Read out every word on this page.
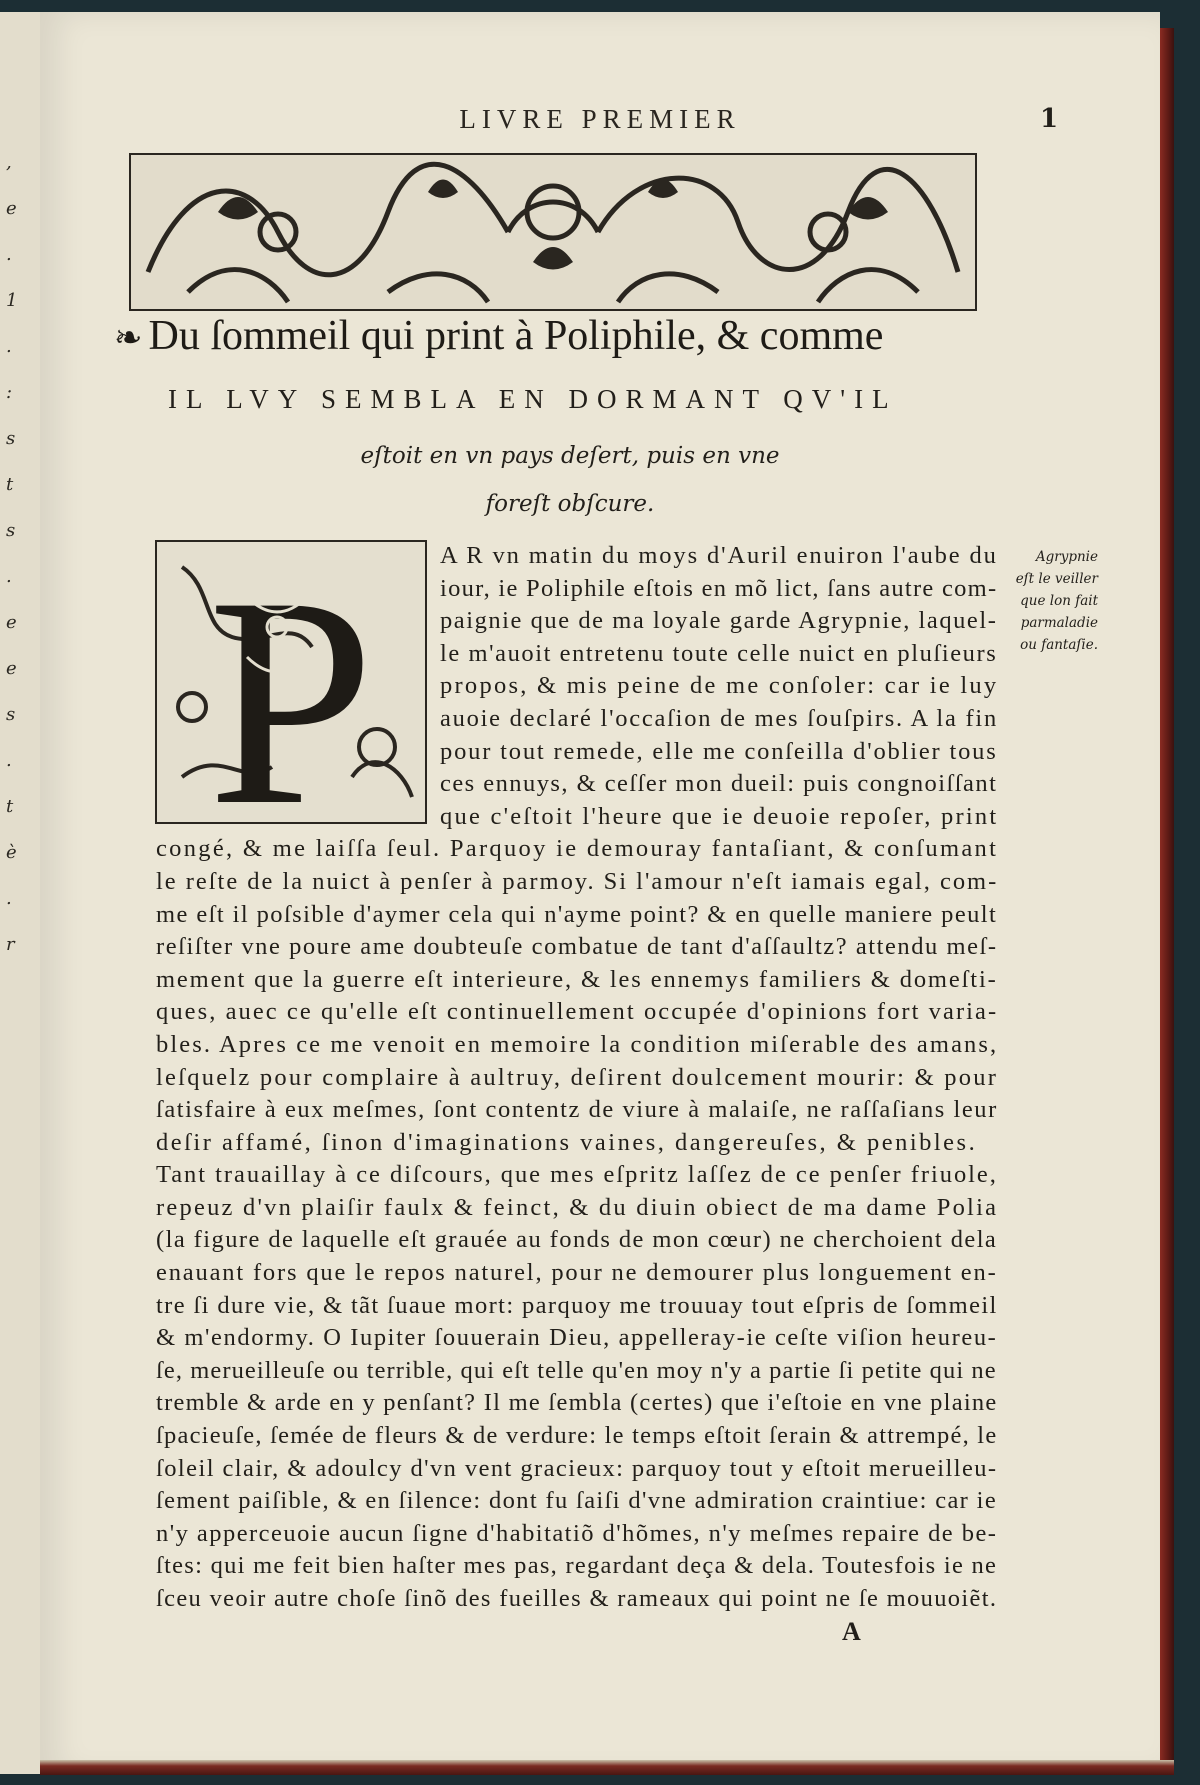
,
e
.
1
.
:
s
t
s
.
e
e
s
.
t
è
.
r
LIVRE PREMIER	1
❧ Du ſommeil qui print à Poliphile, & comme
IL LVY SEMBLA EN DORMANT QV'IL
eſtoit en vn pays deſert, puis en vne
foreſt obſcure.
P	Agrypnie
eſt le veiller
que lon fait
parmaladie
ou fantaſie.
A R vn matin du moys d'Auril enuiron l'aube du
iour, ie Poliphile eſtois en mõ lict, ſans autre com-
paignie que de ma loyale garde Agrypnie, laquel-
le m'auoit entretenu toute celle nuict en pluſieurs
propos, & mis peine de me conſoler: car ie luy
auoie declaré l'occaſion de mes ſouſpirs. A la fin
pour tout remede, elle me conſeilla d'oblier tous
ces ennuys, & ceſſer mon dueil: puis congnoiſſant
que c'eſtoit l'heure que ie deuoie repoſer, print
congé, & me laiſſa ſeul. Parquoy ie demouray fantaſiant, & conſumant
le reſte de la nuict à penſer à parmoy. Si l'amour n'eſt iamais egal, com-
me eſt il poſsible d'aymer cela qui n'ayme point? & en quelle maniere peult
reſiſter vne poure ame doubteuſe combatue de tant d'aſſaultz? attendu meſ-
mement que la guerre eſt interieure, & les ennemys familiers & domeſti-
ques, auec ce qu'elle eſt continuellement occupée d'opinions fort varia-
bles. Apres ce me venoit en memoire la condition miſerable des amans,
leſquelz pour complaire à aultruy, deſirent doulcement mourir: & pour
ſatisfaire à eux meſmes, ſont contentz de viure à malaiſe, ne raſſaſians leur
deſir affamé, ſinon d'imaginations vaines, dangereuſes, & penibles.
Tant trauaillay à ce diſcours, que mes eſpritz laſſez de ce penſer friuole,
repeuz d'vn plaiſir faulx & feinct, & du diuin obiect de ma dame Polia
(la figure de laquelle eſt grauée au fonds de mon cœur) ne cherchoient dela
enauant fors que le repos naturel, pour ne demourer plus longuement en-
tre ſi dure vie, & tãt ſuaue mort: parquoy me trouuay tout eſpris de ſommeil
& m'endormy. O Iupiter ſouuerain Dieu, appelleray-ie ceſte viſion heureu-
ſe, merueilleuſe ou terrible, qui eſt telle qu'en moy n'y a partie ſi petite qui ne
tremble & arde en y penſant? Il me ſembla (certes) que i'eſtoie en vne plaine
ſpacieuſe, ſemée de fleurs & de verdure: le temps eſtoit ſerain & attrempé, le
ſoleil clair, & adoulcy d'vn vent gracieux: parquoy tout y eſtoit merueilleu-
ſement paiſible, & en ſilence: dont fu ſaiſi d'vne admiration craintiue: car ie
n'y apperceuoie aucun ſigne d'habitatiõ d'hõmes, n'y meſmes repaire de be-
ſtes: qui me feit bien haſter mes pas, regardant deça & dela. Toutesfois ie ne
ſceu veoir autre choſe ſinõ des fueilles & rameaux qui point ne ſe mouuoiẽt.
A
